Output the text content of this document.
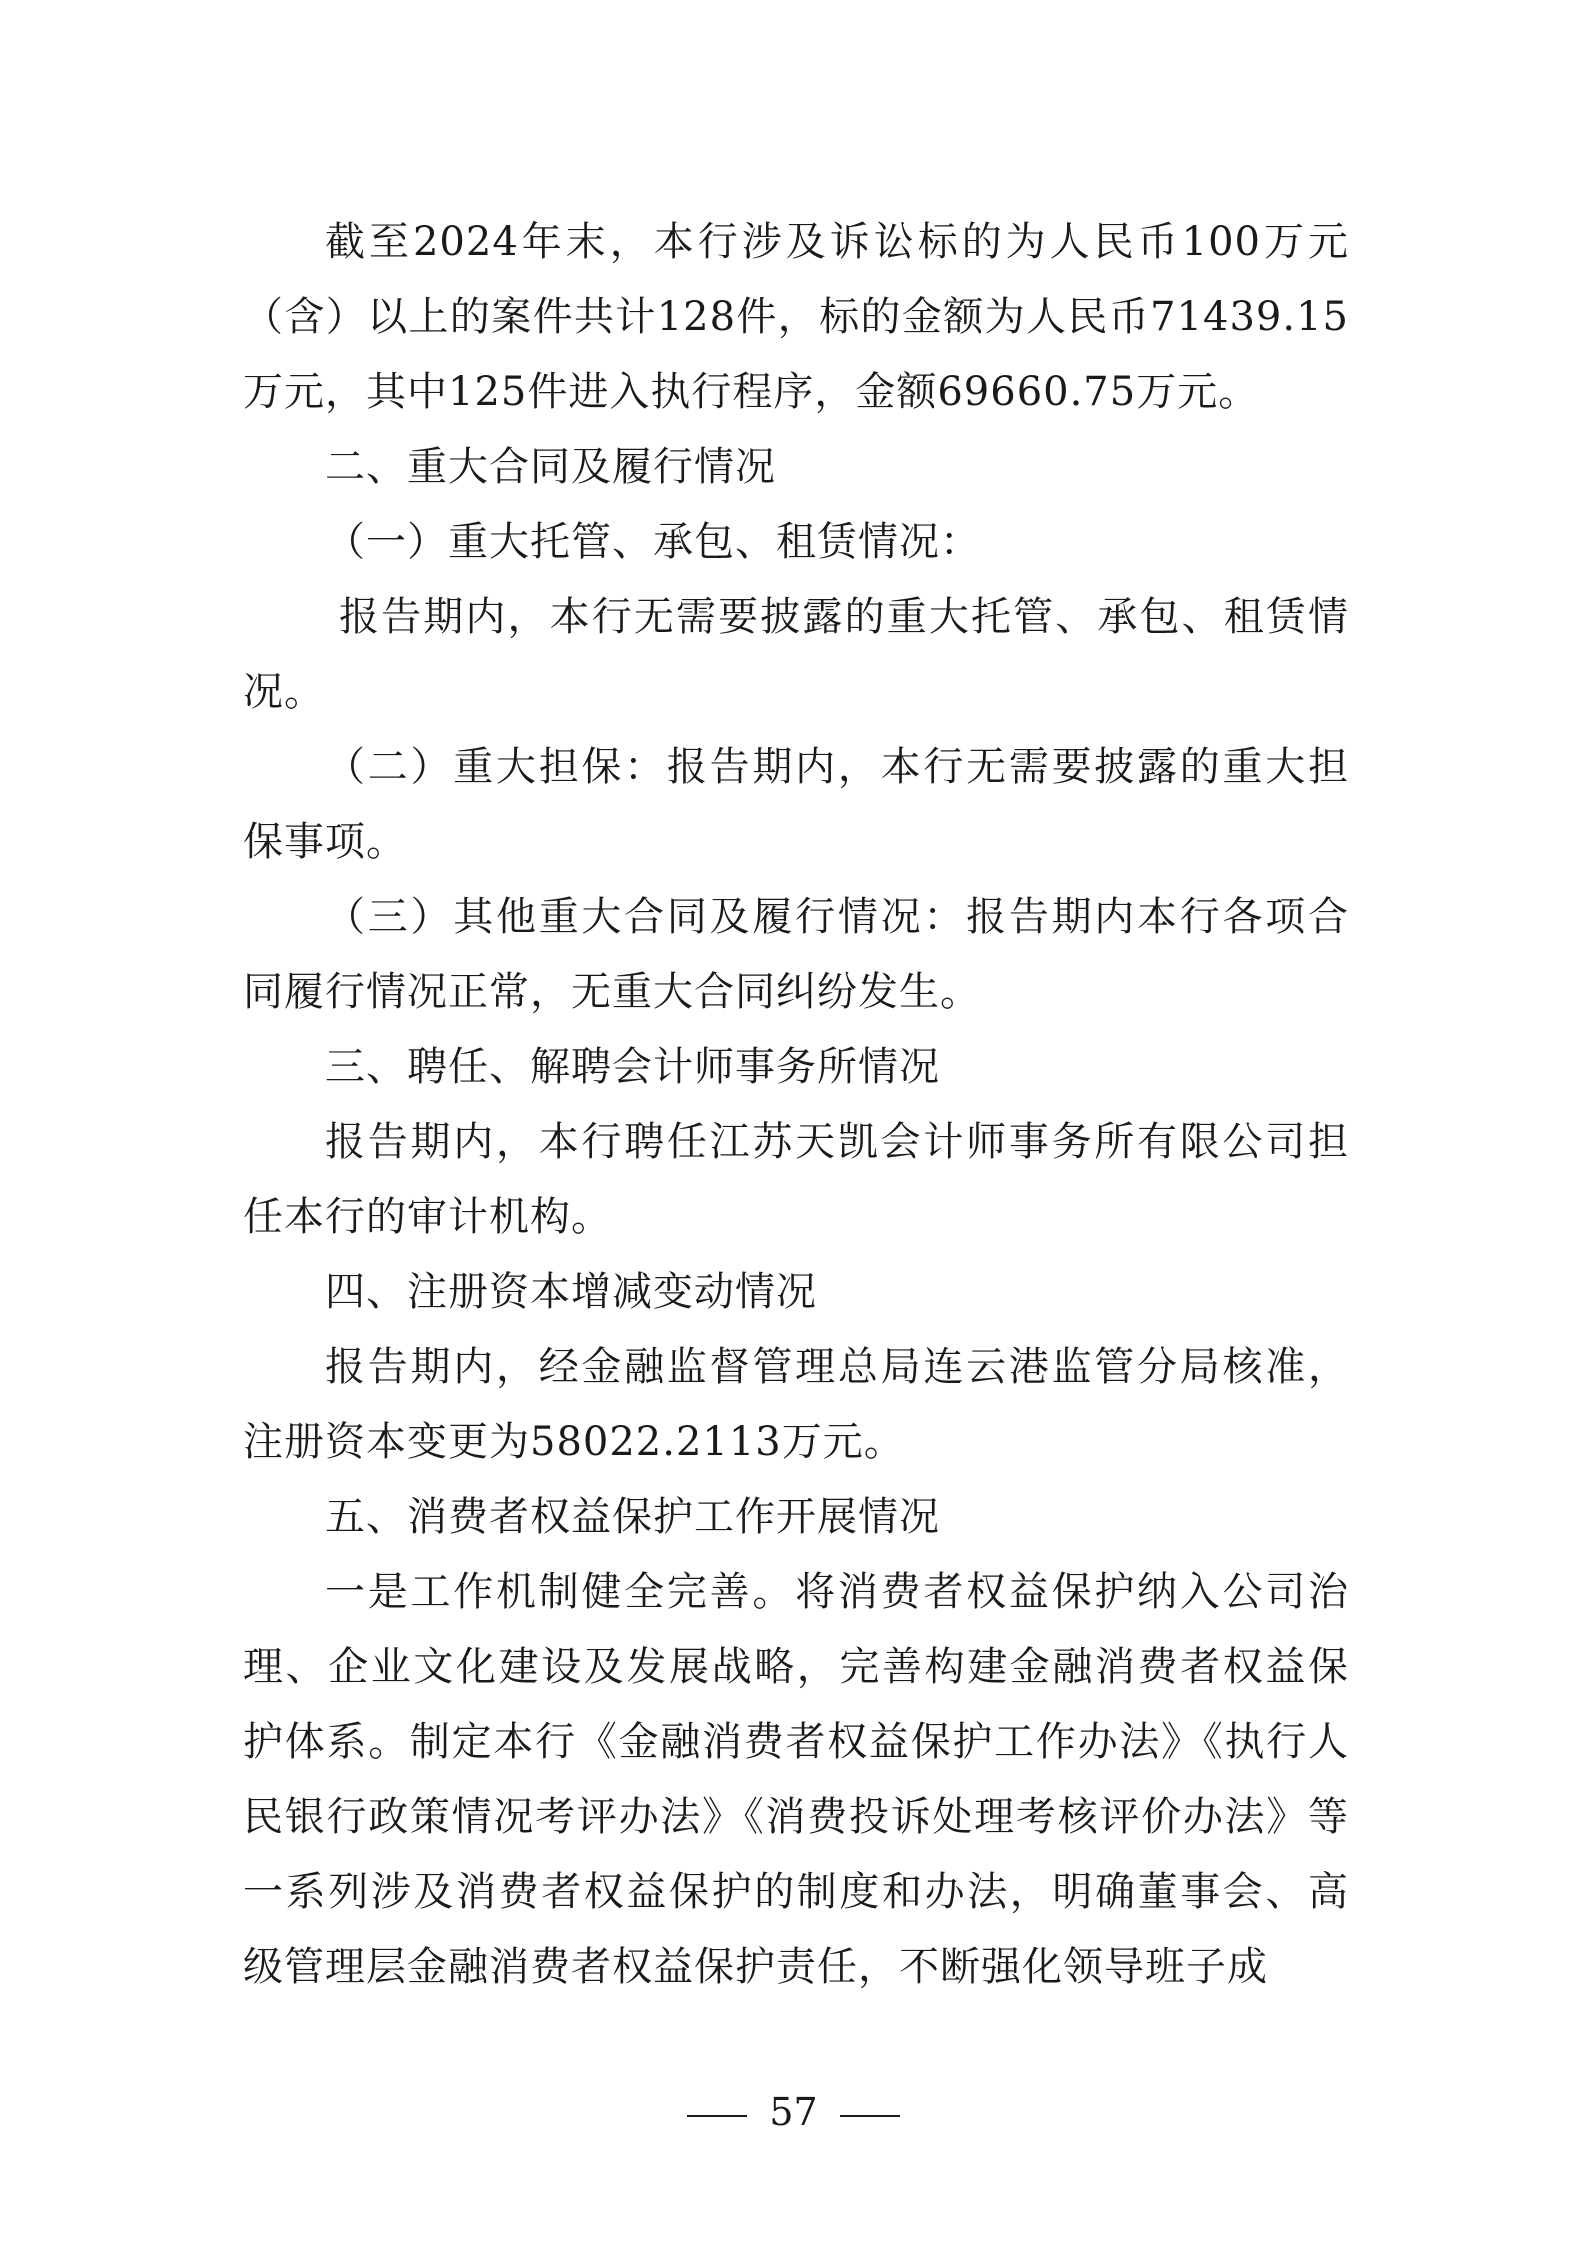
截至2024年末，本行涉及诉讼标的为人民币100万元（含）以上的案件共计128件，标的金额为人民币71439.15万元，其中125件进入执行程序，金额69660.75万元。

二、重大合同及履行情况

（一）重大托管、承包、租赁情况：

报告期内，本行无需要披露的重大托管、承包、租赁情况。

（二）重大担保：报告期内，本行无需要披露的重大担保事项。

（三）其他重大合同及履行情况：报告期内本行各项合同履行情况正常，无重大合同纠纷发生。

三、聘任、解聘会计师事务所情况

报告期内，本行聘任江苏天凯会计师事务所有限公司担任本行的审计机构。

四、注册资本增减变动情况

报告期内，经金融监督管理总局连云港监管分局核准，注册资本变更为58022.2113万元。

五、消费者权益保护工作开展情况

一是工作机制健全完善。将消费者权益保护纳入公司治理、企业文化建设及发展战略，完善构建金融消费者权益保护体系。制定本行《金融消费者权益保护工作办法》《执行人民银行政策情况考评办法》《消费投诉处理考核评价办法》等一系列涉及消费者权益保护的制度和办法，明确董事会、高级管理层金融消费者权益保护责任，不断强化领导班子成

57
